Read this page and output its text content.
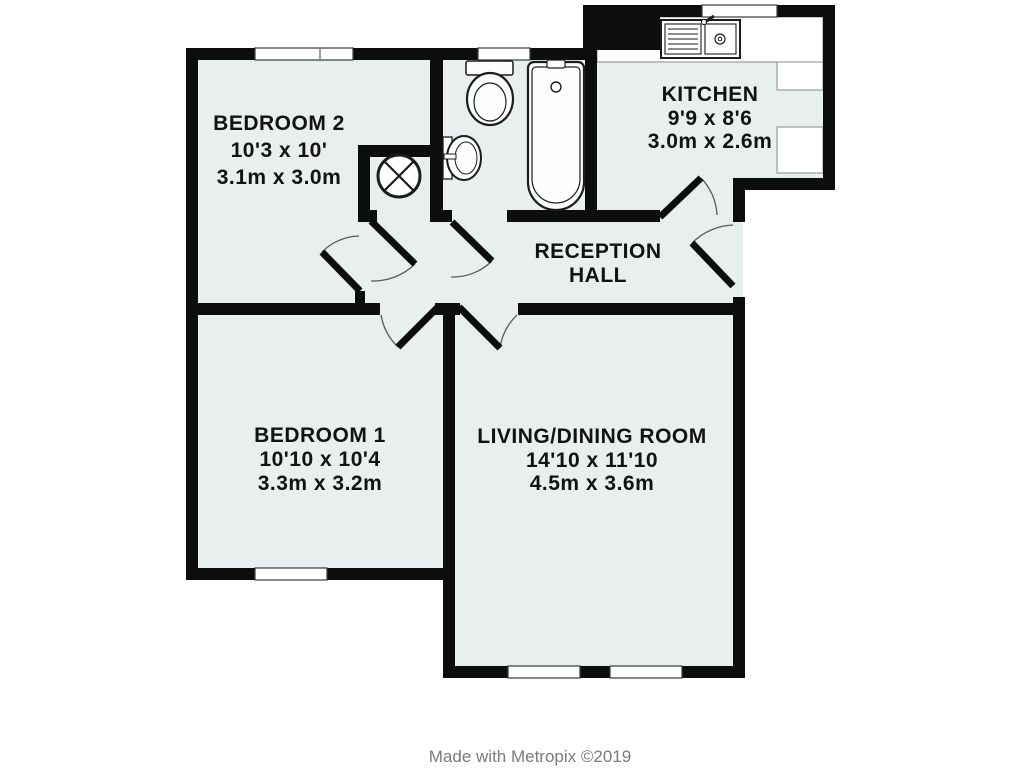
BEDROOM 2
10'3 x 10'
3.1m x 3.0m
KITCHEN
9'9 x 8'6
3.0m x 2.6m
RECEPTION
HALL
BEDROOM 1
10'10 x 10'4
3.3m x 3.2m
LIVING/DINING ROOM
14'10 x 11'10
4.5m x 3.6m
Made with Metropix ©2019
